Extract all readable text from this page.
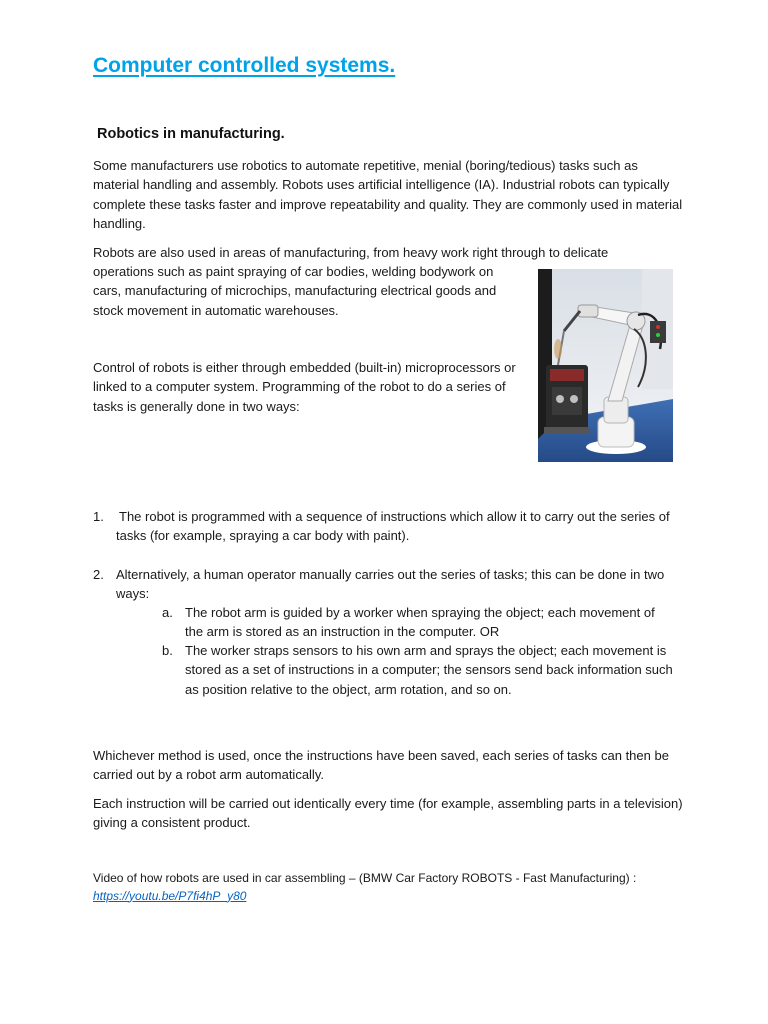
Computer controlled systems.
Robotics in manufacturing.

Some manufacturers use robotics to automate repetitive, menial (boring/tedious) tasks such as material handling and assembly. Robots uses artificial intelligence (IA). Industrial robots can typically complete these tasks faster and improve repeatability and quality. They are commonly used in material handling.

Robots are also used in areas of manufacturing, from heavy work right through to delicate

operations such as paint spraying of car bodies, welding bodywork on cars, manufacturing of microchips, manufacturing electrical goods and stock movement in automatic warehouses.

Control of robots is either through embedded (built-in) microprocessors or linked to a computer system. Programming of the robot to do a series of tasks is generally done in two ways:

1. The robot is programmed with a sequence of instructions which allow it to carry out the series of tasks (for example, spraying a car body with paint).
2. Alternatively, a human operator manually carries out the series of tasks; this can be done in two ways:
a. The robot arm is guided by a worker when spraying the object; each movement of the arm is stored as an instruction in the computer. OR
b. The worker straps sensors to his own arm and sprays the object; each movement is stored as a set of instructions in a computer; the sensors send back information such as position relative to the object, arm rotation, and so on.

Whichever method is used, once the instructions have been saved, each series of tasks can then be carried out by a robot arm automatically.

Each instruction will be carried out identically every time (for example, assembling parts in a television) giving a consistent product.

Video of how robots are used in car assembling – (BMW Car Factory ROBOTS - Fast Manufacturing) : https://youtu.be/P7fi4hP_y80
